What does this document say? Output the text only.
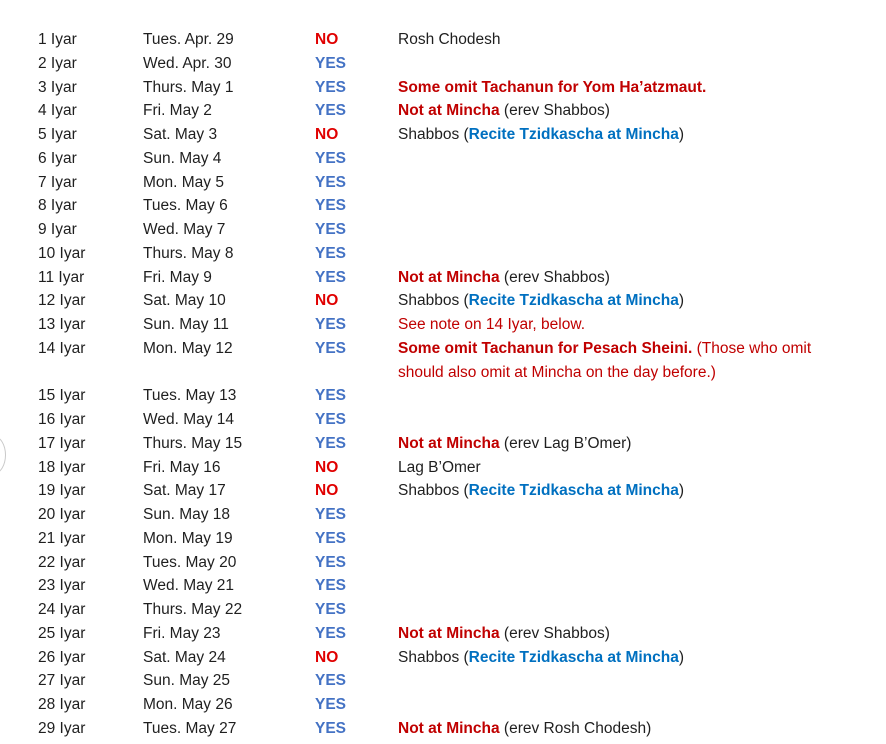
1 Iyar	Tues. Apr. 29	NO	Rosh Chodesh
2 Iyar	Wed. Apr. 30	YES
3 Iyar	Thurs. May 1	YES	Some omit Tachanun for Yom Ha’atzmaut.
4 Iyar	Fri. May 2	YES	Not at Mincha (erev Shabbos)
5 Iyar	Sat. May 3	NO	Shabbos (Recite Tzidkascha at Mincha)
6 Iyar	Sun. May 4	YES
7 Iyar	Mon. May 5	YES
8 Iyar	Tues. May 6	YES
9 Iyar	Wed. May 7	YES
10 Iyar	Thurs. May 8	YES
11 Iyar	Fri. May 9	YES	Not at Mincha (erev Shabbos)
12 Iyar	Sat. May 10	NO	Shabbos (Recite Tzidkascha at Mincha)
13 Iyar	Sun. May 11	YES	See note on 14 Iyar, below.
14 Iyar	Mon. May 12	YES	Some omit Tachanun for Pesach Sheini. (Those who omit should also omit at Mincha on the day before.)
15 Iyar	Tues. May 13	YES
16 Iyar	Wed. May 14	YES
17 Iyar	Thurs. May 15	YES	Not at Mincha (erev Lag B’Omer)
18 Iyar	Fri. May 16	NO	Lag B’Omer
19 Iyar	Sat. May 17	NO	Shabbos (Recite Tzidkascha at Mincha)
20 Iyar	Sun. May 18	YES
21 Iyar	Mon. May 19	YES
22 Iyar	Tues. May 20	YES
23 Iyar	Wed. May 21	YES
24 Iyar	Thurs. May 22	YES
25 Iyar	Fri. May 23	YES	Not at Mincha (erev Shabbos)
26 Iyar	Sat. May 24	NO	Shabbos (Recite Tzidkascha at Mincha)
27 Iyar	Sun. May 25	YES
28 Iyar	Mon. May 26	YES
29 Iyar	Tues. May 27	YES	Not at Mincha (erev Rosh Chodesh)
